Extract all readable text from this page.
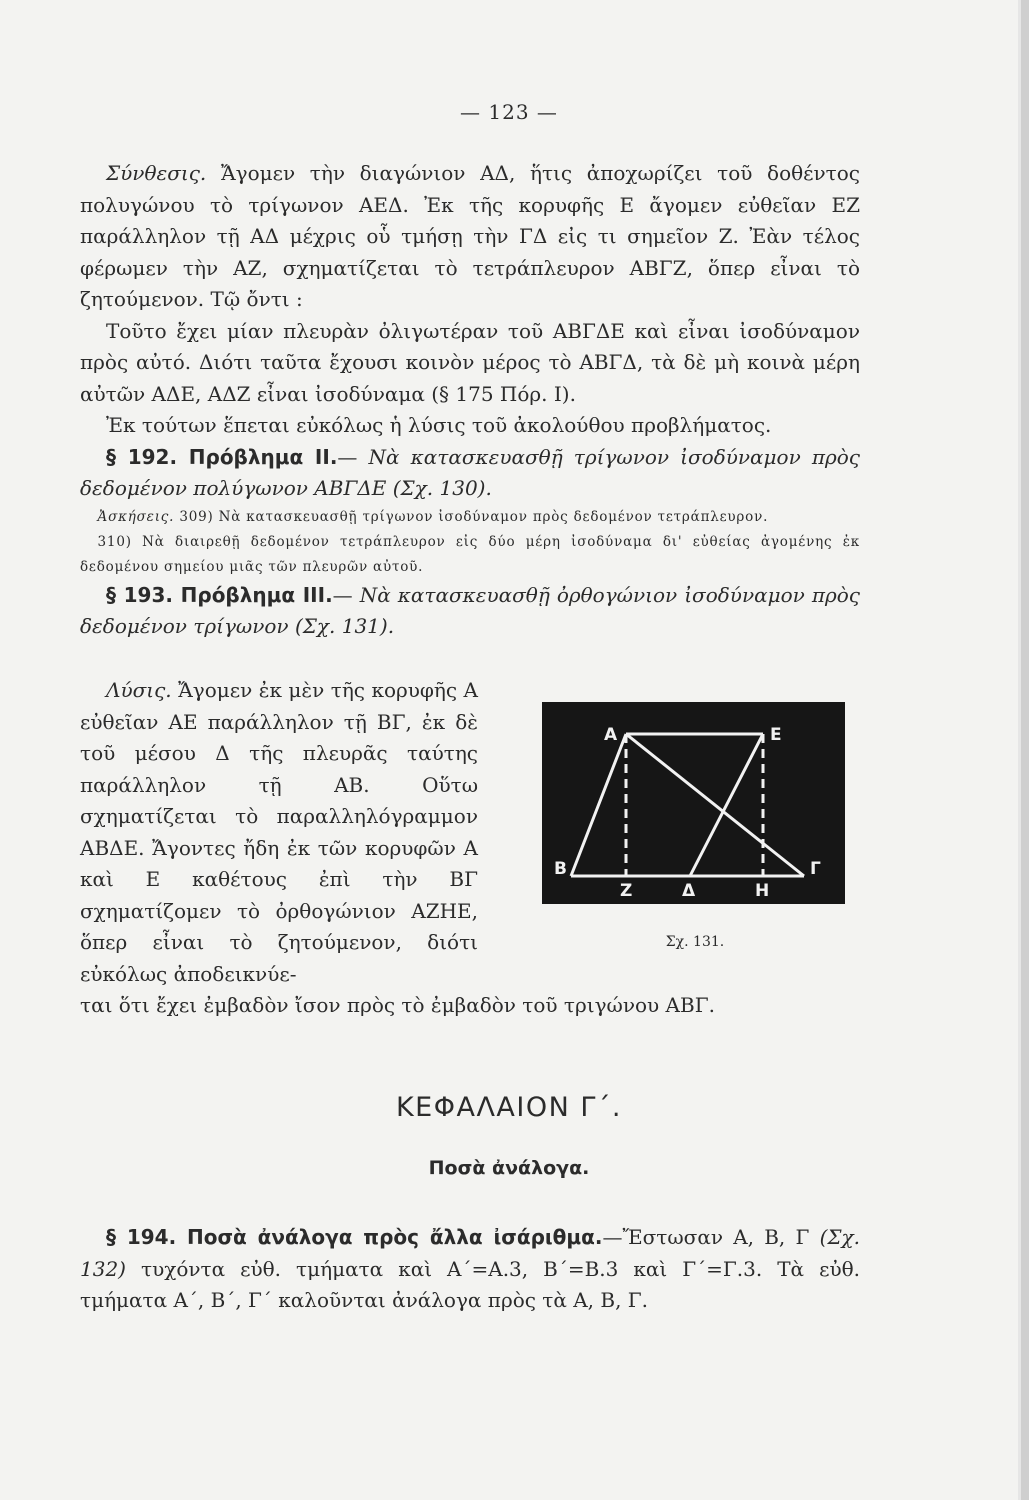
— 123 —

Σύνθεσις. Ἄγομεν τὴν διαγώνιον ΑΔ, ἥτις ἀποχωρίζει τοῦ δοθέντος πολυγώνου τὸ τρίγωνον ΑΕΔ. Ἐκ τῆς κορυφῆς Ε ἄγομεν εὐθεῖαν ΕΖ παράλληλον τῇ ΑΔ μέχρις οὗ τμήσῃ τὴν ΓΔ εἰς τι σημεῖον Ζ. Ἐὰν τέλος φέρωμεν τὴν ΑΖ, σχηματίζεται τὸ τετράπλευρον ΑΒΓΖ, ὅπερ εἶναι τὸ ζητούμενον. Τῷ ὄντι :

Τοῦτο ἔχει μίαν πλευρὰν ὀλιγωτέραν τοῦ ΑΒΓΔΕ καὶ εἶναι ἰσοδύναμον πρὸς αὐτό. Διότι ταῦτα ἔχουσι κοινὸν μέρος τὸ ΑΒΓΔ, τὰ δὲ μὴ κοινὰ μέρη αὐτῶν ΑΔΕ, ΑΔΖ εἶναι ἰσοδύναμα (§ 175 Πόρ. Ι).

Ἐκ τούτων ἕπεται εὐκόλως ἡ λύσις τοῦ ἀκολούθου προβλήματος.

§ 192. Πρόβλημα ΙΙ.— Νὰ κατασκευασθῇ τρίγωνον ἰσοδύναμον πρὸς δεδομένον πολύγωνον ΑΒΓΔΕ (Σχ. 130).

Ἀσκήσεις. 309) Νὰ κατασκευασθῇ τρίγωνον ἰσοδύναμον πρὸς δεδομένον τετράπλευρον.

310) Νὰ διαιρεθῇ δεδομένον τετράπλευρον εἰς δύο μέρη ἰσοδύναμα δι' εὐθείας ἀγομένης ἐκ δεδομένου σημείου μιᾶς τῶν πλευρῶν αὐτοῦ.

§ 193. Πρόβλημα ΙΙΙ.— Νὰ κατασκευασθῇ ὀρθογώνιον ἰσοδύναμον πρὸς δεδομένον τρίγωνον (Σχ. 131).

Λύσις. Ἄγομεν ἐκ μὲν τῆς κορυφῆς Α εὐθεῖαν ΑΕ παράλληλον τῇ ΒΓ, ἐκ δὲ τοῦ μέσου Δ τῆς πλευρᾶς ταύτης παράλληλον τῇ ΑΒ. Οὕτω σχηματίζεται τὸ παραλληλόγραμμον ΑΒΔΕ. Ἄγοντες ἤδη ἐκ τῶν κορυφῶν Α καὶ Ε καθέτους ἐπὶ τὴν ΒΓ σχηματίζομεν τὸ ὀρθογώνιον ΑΖΗΕ, ὅπερ εἶναι τὸ ζητούμενον, διότι εὐκόλως ἀποδεικνύε-

ται ὅτι ἔχει ἐμβαδὸν ἴσον πρὸς τὸ ἐμβαδὸν τοῦ τριγώνου ΑΒΓ.

Α	Ε
Β	Γ
Ζ	Δ	Η
Σχ. 131.
ΚΕΦΑΛΑΙΟΝ Γ΄.
Ποσὰ ἀνάλογα.

§ 194. Ποσὰ ἀνάλογα πρὸς ἄλλα ἰσάριθμα.—Ἔστωσαν Α, Β, Γ (Σχ. 132) τυχόντα εὐθ. τμήματα καὶ Α΄=Α.3, Β΄=Β.3 καὶ Γ΄=Γ.3. Τὰ εὐθ. τμήματα Α΄, Β΄, Γ΄ καλοῦνται ἀνάλογα πρὸς τὰ Α, Β, Γ.
